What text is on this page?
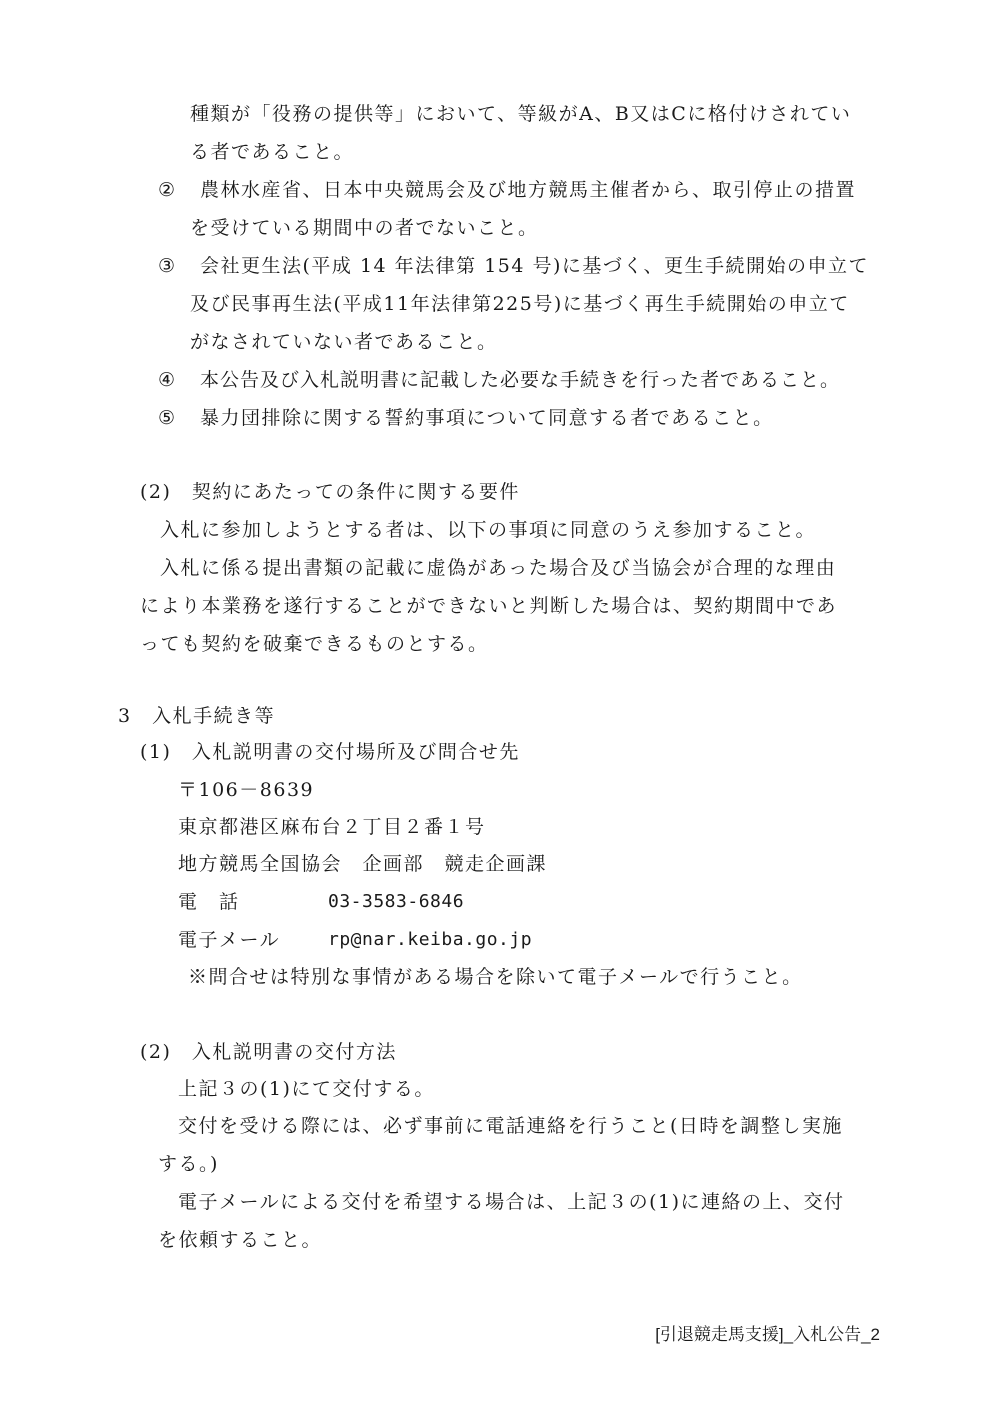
種類が「役務の提供等」において、等級がA、B又はCに格付けされてい
る者であること。
② 農林水産省、日本中央競馬会及び地方競馬主催者から、取引停止の措置
を受けている期間中の者でないこと。
③ 会社更生法(平成 14 年法律第 154 号)に基づく、更生手続開始の申立て
及び民事再生法(平成11年法律第225号)に基づく再生手続開始の申立て
がなされていない者であること。
④ 本公告及び入札説明書に記載した必要な手続きを行った者であること。
⑤ 暴力団排除に関する誓約事項について同意する者であること。
(2)　契約にあたっての条件に関する要件
入札に参加しようとする者は、以下の事項に同意のうえ参加すること。
入札に係る提出書類の記載に虚偽があった場合及び当協会が合理的な理由
により本業務を遂行することができないと判断した場合は、契約期間中であ
っても契約を破棄できるものとする。
3　入札手続き等
(1)　入札説明書の交付場所及び問合せ先
〒106－8639
東京都港区麻布台２丁目２番１号
地方競馬全国協会　企画部　競走企画課
電　話	03-3583-6846
電子メール	rp@nar.keiba.go.jp
※問合せは特別な事情がある場合を除いて電子メールで行うこと。
(2)　入札説明書の交付方法
上記３の(1)にて交付する。
交付を受ける際には、必ず事前に電話連絡を行うこと(日時を調整し実施
する。)
電子メールによる交付を希望する場合は、上記３の(1)に連絡の上、交付
を依頼すること。
[引退競走馬支援]_入札公告_2
